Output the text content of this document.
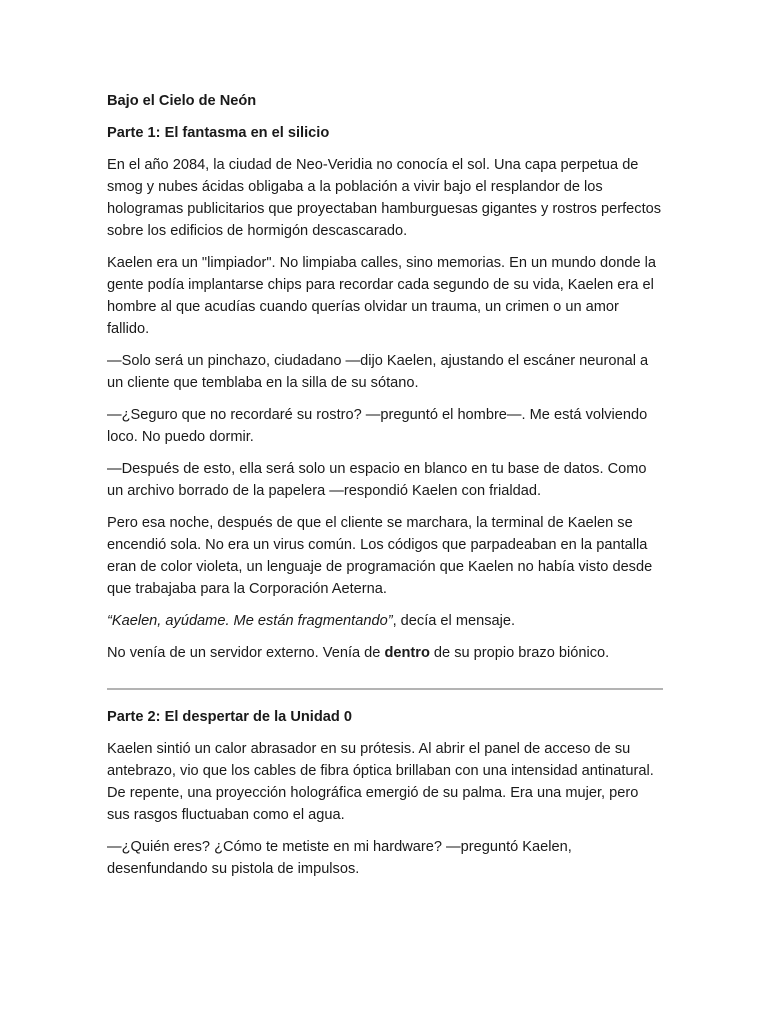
Bajo el Cielo de Neón

Parte 1: El fantasma en el silicio

En el año 2084, la ciudad de Neo-Veridia no conocía el sol. Una capa perpetua de smog y nubes ácidas obligaba a la población a vivir bajo el resplandor de los hologramas publicitarios que proyectaban hamburguesas gigantes y rostros perfectos sobre los edificios de hormigón descascarado.

Kaelen era un "limpiador". No limpiaba calles, sino memorias. En un mundo donde la gente podía implantarse chips para recordar cada segundo de su vida, Kaelen era el hombre al que acudías cuando querías olvidar un trauma, un crimen o un amor fallido.

—Solo será un pinchazo, ciudadano —dijo Kaelen, ajustando el escáner neuronal a un cliente que temblaba en la silla de su sótano.

—¿Seguro que no recordaré su rostro? —preguntó el hombre—. Me está volviendo loco. No puedo dormir.

—Después de esto, ella será solo un espacio en blanco en tu base de datos. Como un archivo borrado de la papelera —respondió Kaelen con frialdad.

Pero esa noche, después de que el cliente se marchara, la terminal de Kaelen se encendió sola. No era un virus común. Los códigos que parpadeaban en la pantalla eran de color violeta, un lenguaje de programación que Kaelen no había visto desde que trabajaba para la Corporación Aeterna.

“Kaelen, ayúdame. Me están fragmentando”, decía el mensaje.

No venía de un servidor externo. Venía de dentro de su propio brazo biónico.

Parte 2: El despertar de la Unidad 0

Kaelen sintió un calor abrasador en su prótesis. Al abrir el panel de acceso de su antebrazo, vio que los cables de fibra óptica brillaban con una intensidad antinatural. De repente, una proyección holográfica emergió de su palma. Era una mujer, pero sus rasgos fluctuaban como el agua.

—¿Quién eres? ¿Cómo te metiste en mi hardware? —preguntó Kaelen, desenfundando su pistola de impulsos.
